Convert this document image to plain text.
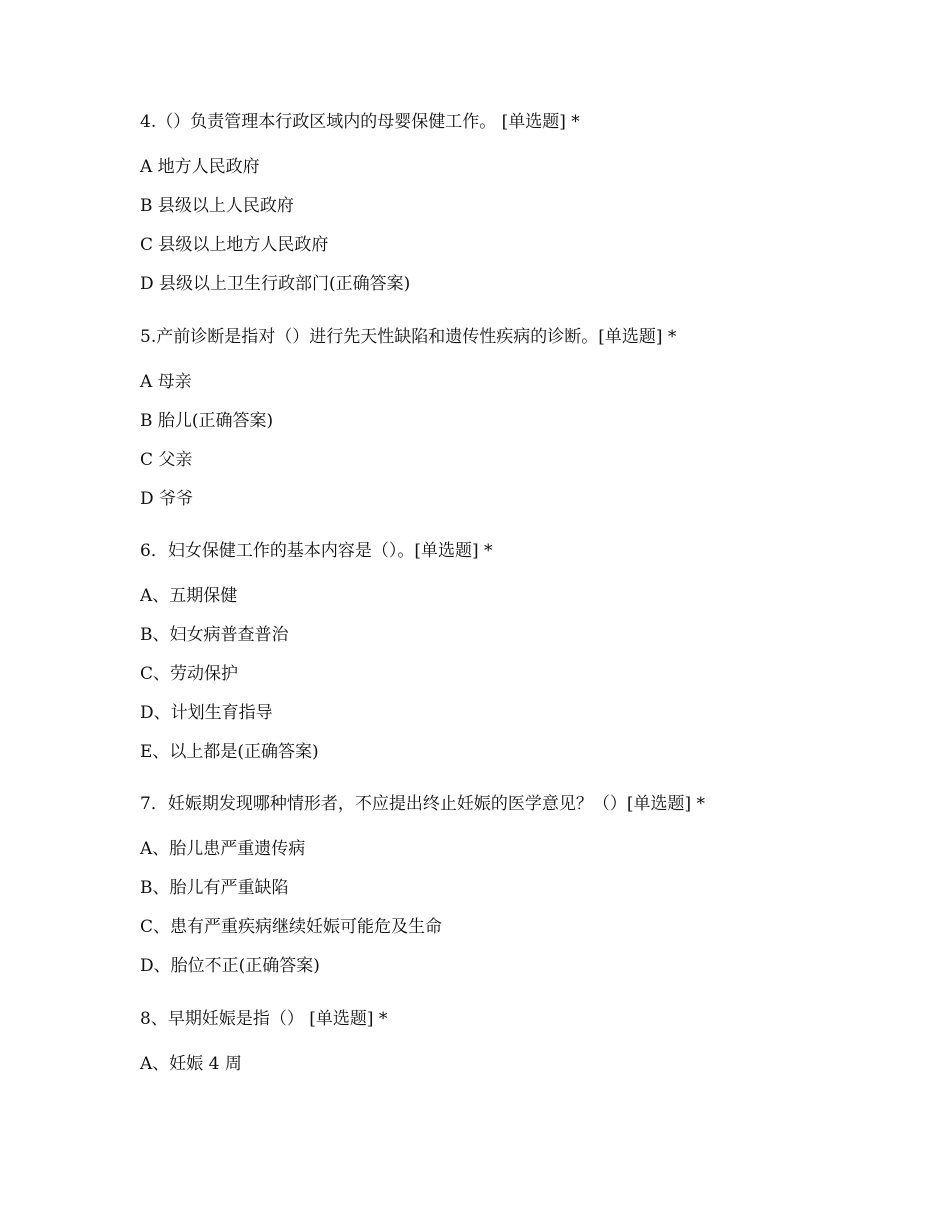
4.（）负责管理本行政区域内的母婴保健工作。 [单选题] *

A 地方人民政府
B 县级以上人民政府
C 县级以上地方人民政府
D 县级以上卫生行政部门(正确答案)

5.产前诊断是指对（）进行先天性缺陷和遗传性疾病的诊断。[单选题] *

A 母亲
B 胎儿(正确答案)
C 父亲
D 爷爷

6．妇女保健工作的基本内容是（）。[单选题] *

A、五期保健
B、妇女病普查普治
C、劳动保护
D、计划生育指导
E、以上都是(正确答案)

7．妊娠期发现哪种情形者，不应提出终止妊娠的医学意见？（）[单选题] *

A、胎儿患严重遗传病
B、胎儿有严重缺陷
C、患有严重疾病继续妊娠可能危及生命
D、胎位不正(正确答案)

8、早期妊娠是指（） [单选题] *

A、妊娠 4 周
